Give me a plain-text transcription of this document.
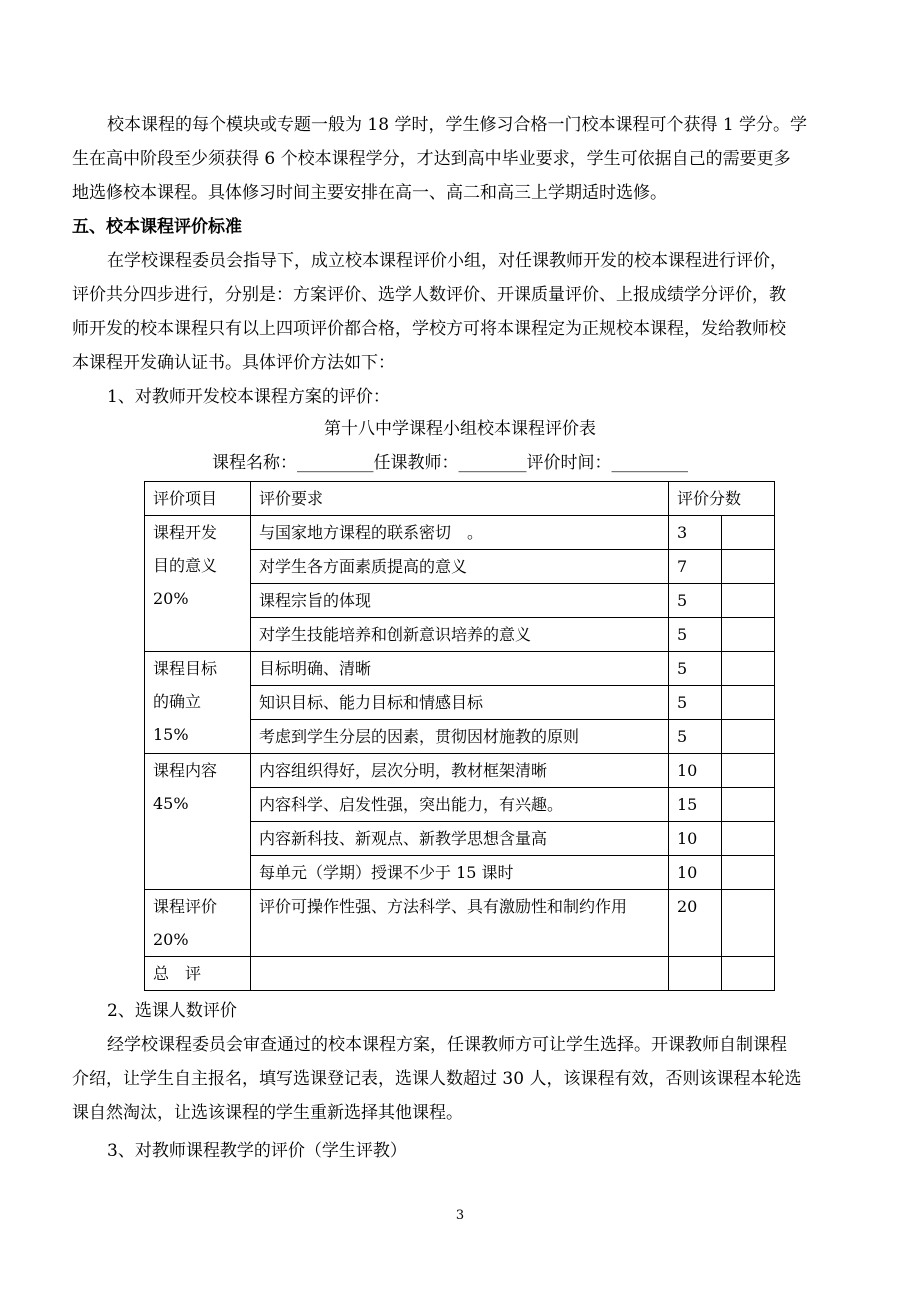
校本课程的每个模块或专题一般为 18 学时，学生修习合格一门校本课程可个获得 1 学分。学
生在高中阶段至少须获得 6 个校本课程学分，才达到高中毕业要求，学生可依据自己的需要更多
地选修校本课程。具体修习时间主要安排在高一、高二和高三上学期适时选修。
五、校本课程评价标准
在学校课程委员会指导下，成立校本课程评价小组，对任课教师开发的校本课程进行评价，
评价共分四步进行，分别是：方案评价、选学人数评价、开课质量评价、上报成绩学分评价，教
师开发的校本课程只有以上四项评价都合格，学校方可将本课程定为正规校本课程，发给教师校
本课程开发确认证书。具体评价方法如下：
1、对教师开发校本课程方案的评价：
第十八中学课程小组校本课程评价表
课程名称：_________任课教师：________评价时间：_________
评价项目	评价要求	评价分数	

课程开发
目的意义
20%	与国家地方课程的联系密切　。	3	
	对学生各方面素质提高的意义	7	
	课程宗旨的体现	5	
	对学生技能培养和创新意识培养的意义	5	

课程目标
的确立
15%	目标明确、清晰	5	
	知识目标、能力目标和情感目标	5	
	考虑到学生分层的因素，贯彻因材施教的原则	5	

课程内容
45%	内容组织得好，层次分明，教材框架清晰	10	
	内容科学、启发性强，突出能力，有兴趣。	15	
	内容新科技、新观点、新教学思想含量高	10	
	每单元（学期）授课不少于 15 课时	10	

课程评价
20%	评价可操作性强、方法科学、具有激励性和制约作用	20	
总　评			
2、选课人数评价
经学校课程委员会审查通过的校本课程方案，任课教师方可让学生选择。开课教师自制课程
介绍，让学生自主报名，填写选课登记表，选课人数超过 30 人，该课程有效，否则该课程本轮选
课自然淘汰，让选该课程的学生重新选择其他课程。
3、对教师课程教学的评价（学生评教）
3
